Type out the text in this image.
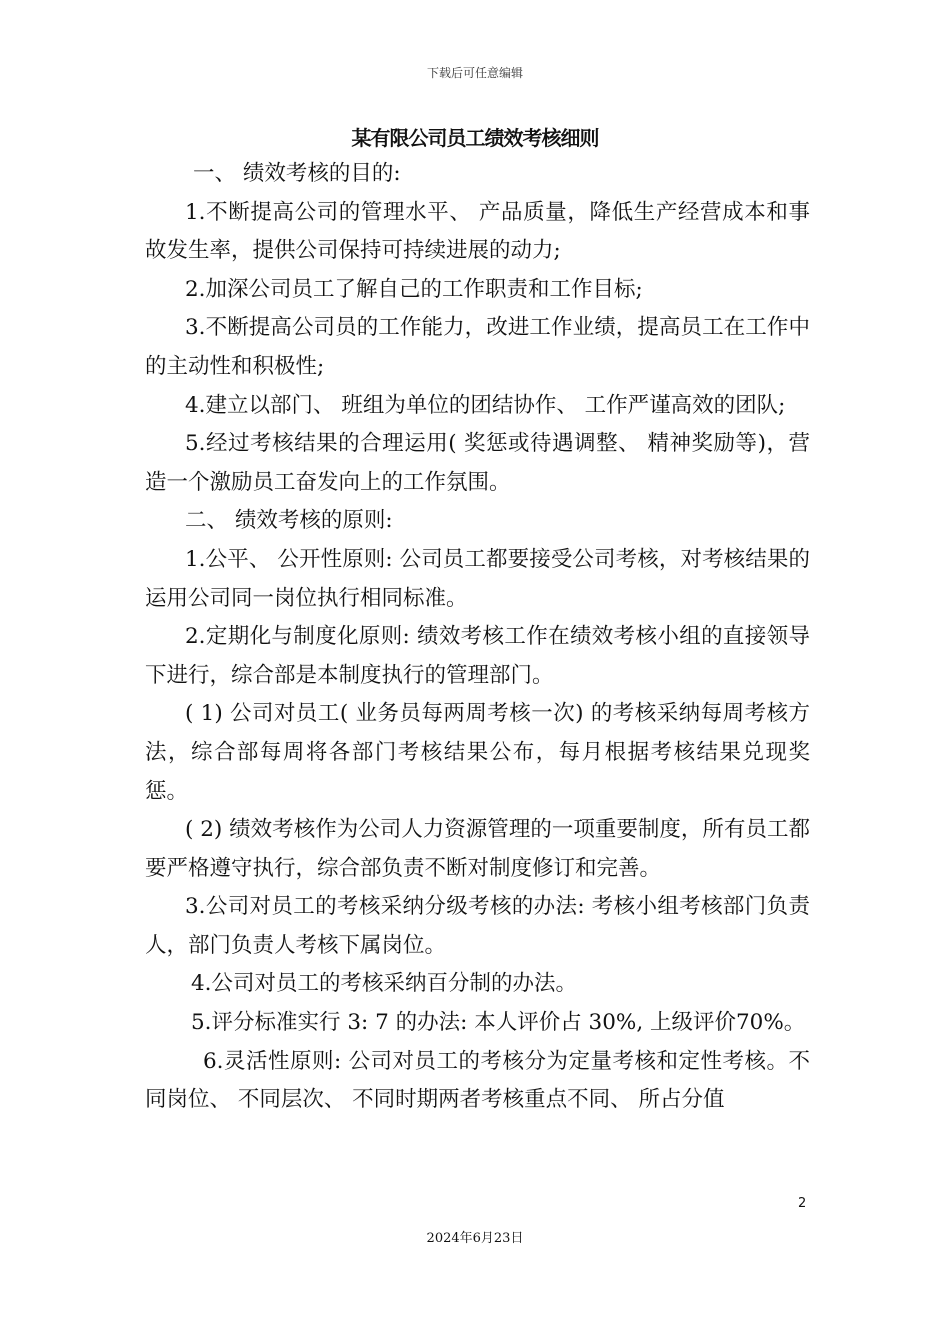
下载后可任意编辑
某有限公司员工绩效考核细则

一、 绩效考核的目的:

1.不断提高公司的管理水平、 产品质量，降低生产经营成本和事故发生率，提供公司保持可持续进展的动力;

2.加深公司员工了解自己的工作职责和工作目标;

3.不断提高公司员的工作能力，改进工作业绩，提高员工在工作中的主动性和积极性;

4.建立以部门、 班组为单位的团结协作、 工作严谨高效的团队;

5.经过考核结果的合理运用( 奖惩或待遇调整、 精神奖励等)，营造一个激励员工奋发向上的工作氛围。

二、 绩效考核的原则:

1.公平、 公开性原则: 公司员工都要接受公司考核，对考核结果的运用公司同一岗位执行相同标准。

2.定期化与制度化原则: 绩效考核工作在绩效考核小组的直接领导下进行，综合部是本制度执行的管理部门。

( 1) 公司对员工( 业务员每两周考核一次) 的考核采纳每周考核方法，综合部每周将各部门考核结果公布，每月根据考核结果兑现奖惩。

( 2) 绩效考核作为公司人力资源管理的一项重要制度，所有员工都要严格遵守执行，综合部负责不断对制度修订和完善。

3.公司对员工的考核采纳分级考核的办法: 考核小组考核部门负责人，部门负责人考核下属岗位。

4.公司对员工的考核采纳百分制的办法。

5.评分标准实行 3: 7 的办法: 本人评价占 30%, 上级评价70%。

6.灵活性原则: 公司对员工的考核分为定量考核和定性考核。不同岗位、 不同层次、 不同时期两者考核重点不同、 所占分值

2
2024年6月23日
